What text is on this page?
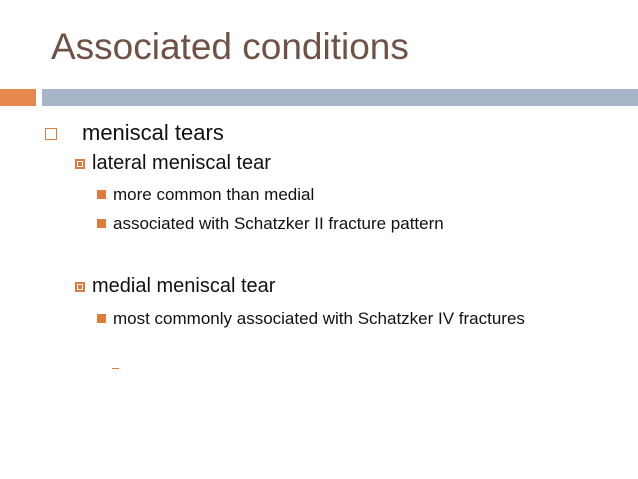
Associated conditions
meniscal tears
lateral meniscal tear
more common than medial
associated with Schatzker II fracture pattern
medial meniscal tear
most commonly associated with Schatzker IV fractures
